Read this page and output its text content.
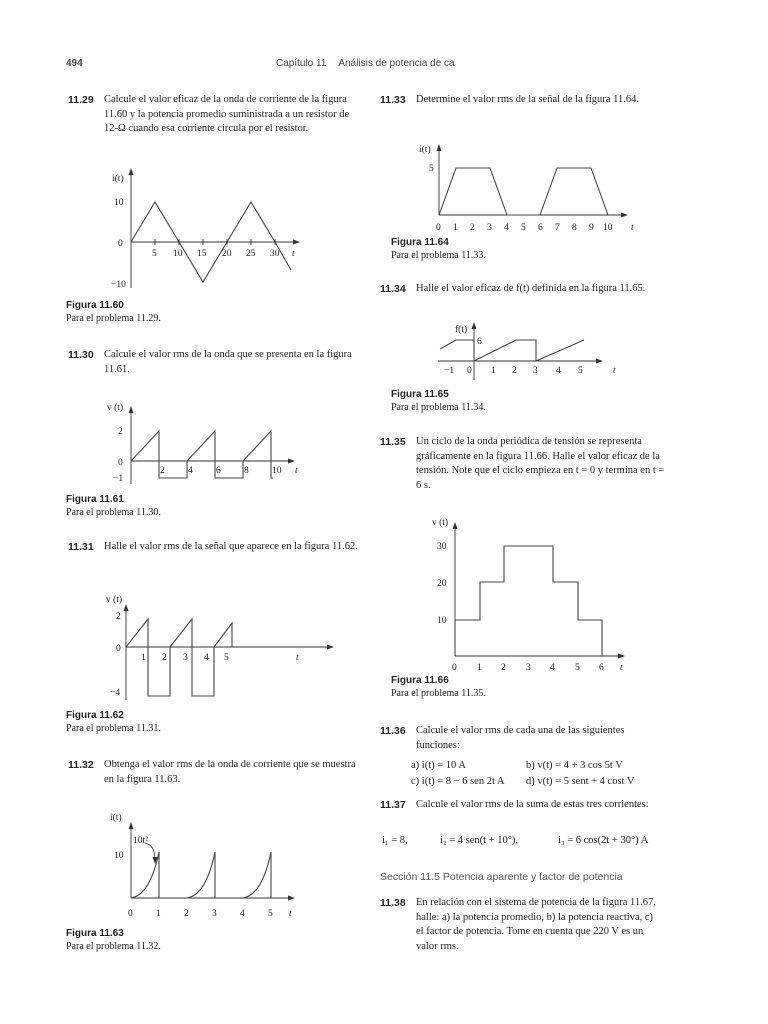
494	Capítulo 11 Análisis de potencia de ca
11.29 Calcule el valor eficaz de la onda de corriente de la figura 11.60 y la potencia promedio suministrada a un resistor de 12-Ω cuando esa corriente circula por el resistor.
i(t)
10
0
−10
5 10 15 20 25 30 t
Figura 11.60
Para el problema 11.29.
11.30 Calcule el valor rms de la onda que se presenta en la figura 11.61.
v (t)
2
0
−1
2 4 6 8 10 t
Figura 11.61
Para el problema 11.30.
11.31 Halle el valor rms de la señal que aparece en la figura 11.62.
v (t)
2
0
−4
1 2 3 4 5	t
Figura 11.62
Para el problema 11.31.
11.32 Obtenga el valor rms de la onda de corriente que se muestra en la figura 11.63.
i(t)
10t²
10
0 1 2 3 4 5 t
Figura 11.63
Para el problema 11.32.
11.33 Determine el valor rms de la señal de la figura 11.64.
i(t)
5
0 1 2 3 4 5 6 7 8 9 10 t
Figura 11.64
Para el problema 11.33.
11.34 Halle el valor eficaz de f(t) definida en la figura 11.65.
f(t)
6
−1 0 1 2 3 4 5	t
Figura 11.65
Para el problema 11.34.
11.35 Un ciclo de la onda periódica de tensión se representa gráficamente en la figura 11.66. Halle el valor eficaz de la tensión. Note que el ciclo empieza en t = 0 y termina en t = 6 s.
v (t)
30
20
10
0 1 2 3 4 5 6 t
Figura 11.66
Para el problema 11.35.
11.36 Calcule el valor rms de cada una de las siguientes funciones:
a) i(t) = 10 A	b) v(t) = 4 + 3 cos 5t V
c) i(t) = 8 − 6 sen 2t A d) v(t) = 5 sent + 4 cost V
11.37 Calcule el valor rms de la suma de estas tres corrientes:
i₁ = 8,	i₂ = 4 sen(t + 10°),	i₃ = 6 cos(2t + 30°) A
Sección 11.5 Potencia aparente y factor de potencia
11.38 En relación con el sistema de potencia de la figura 11.67, halle: a) la potencia promedio, b) la potencia reactiva, c) el factor de potencia. Tome en cuenta que 220 V es un valor rms.
